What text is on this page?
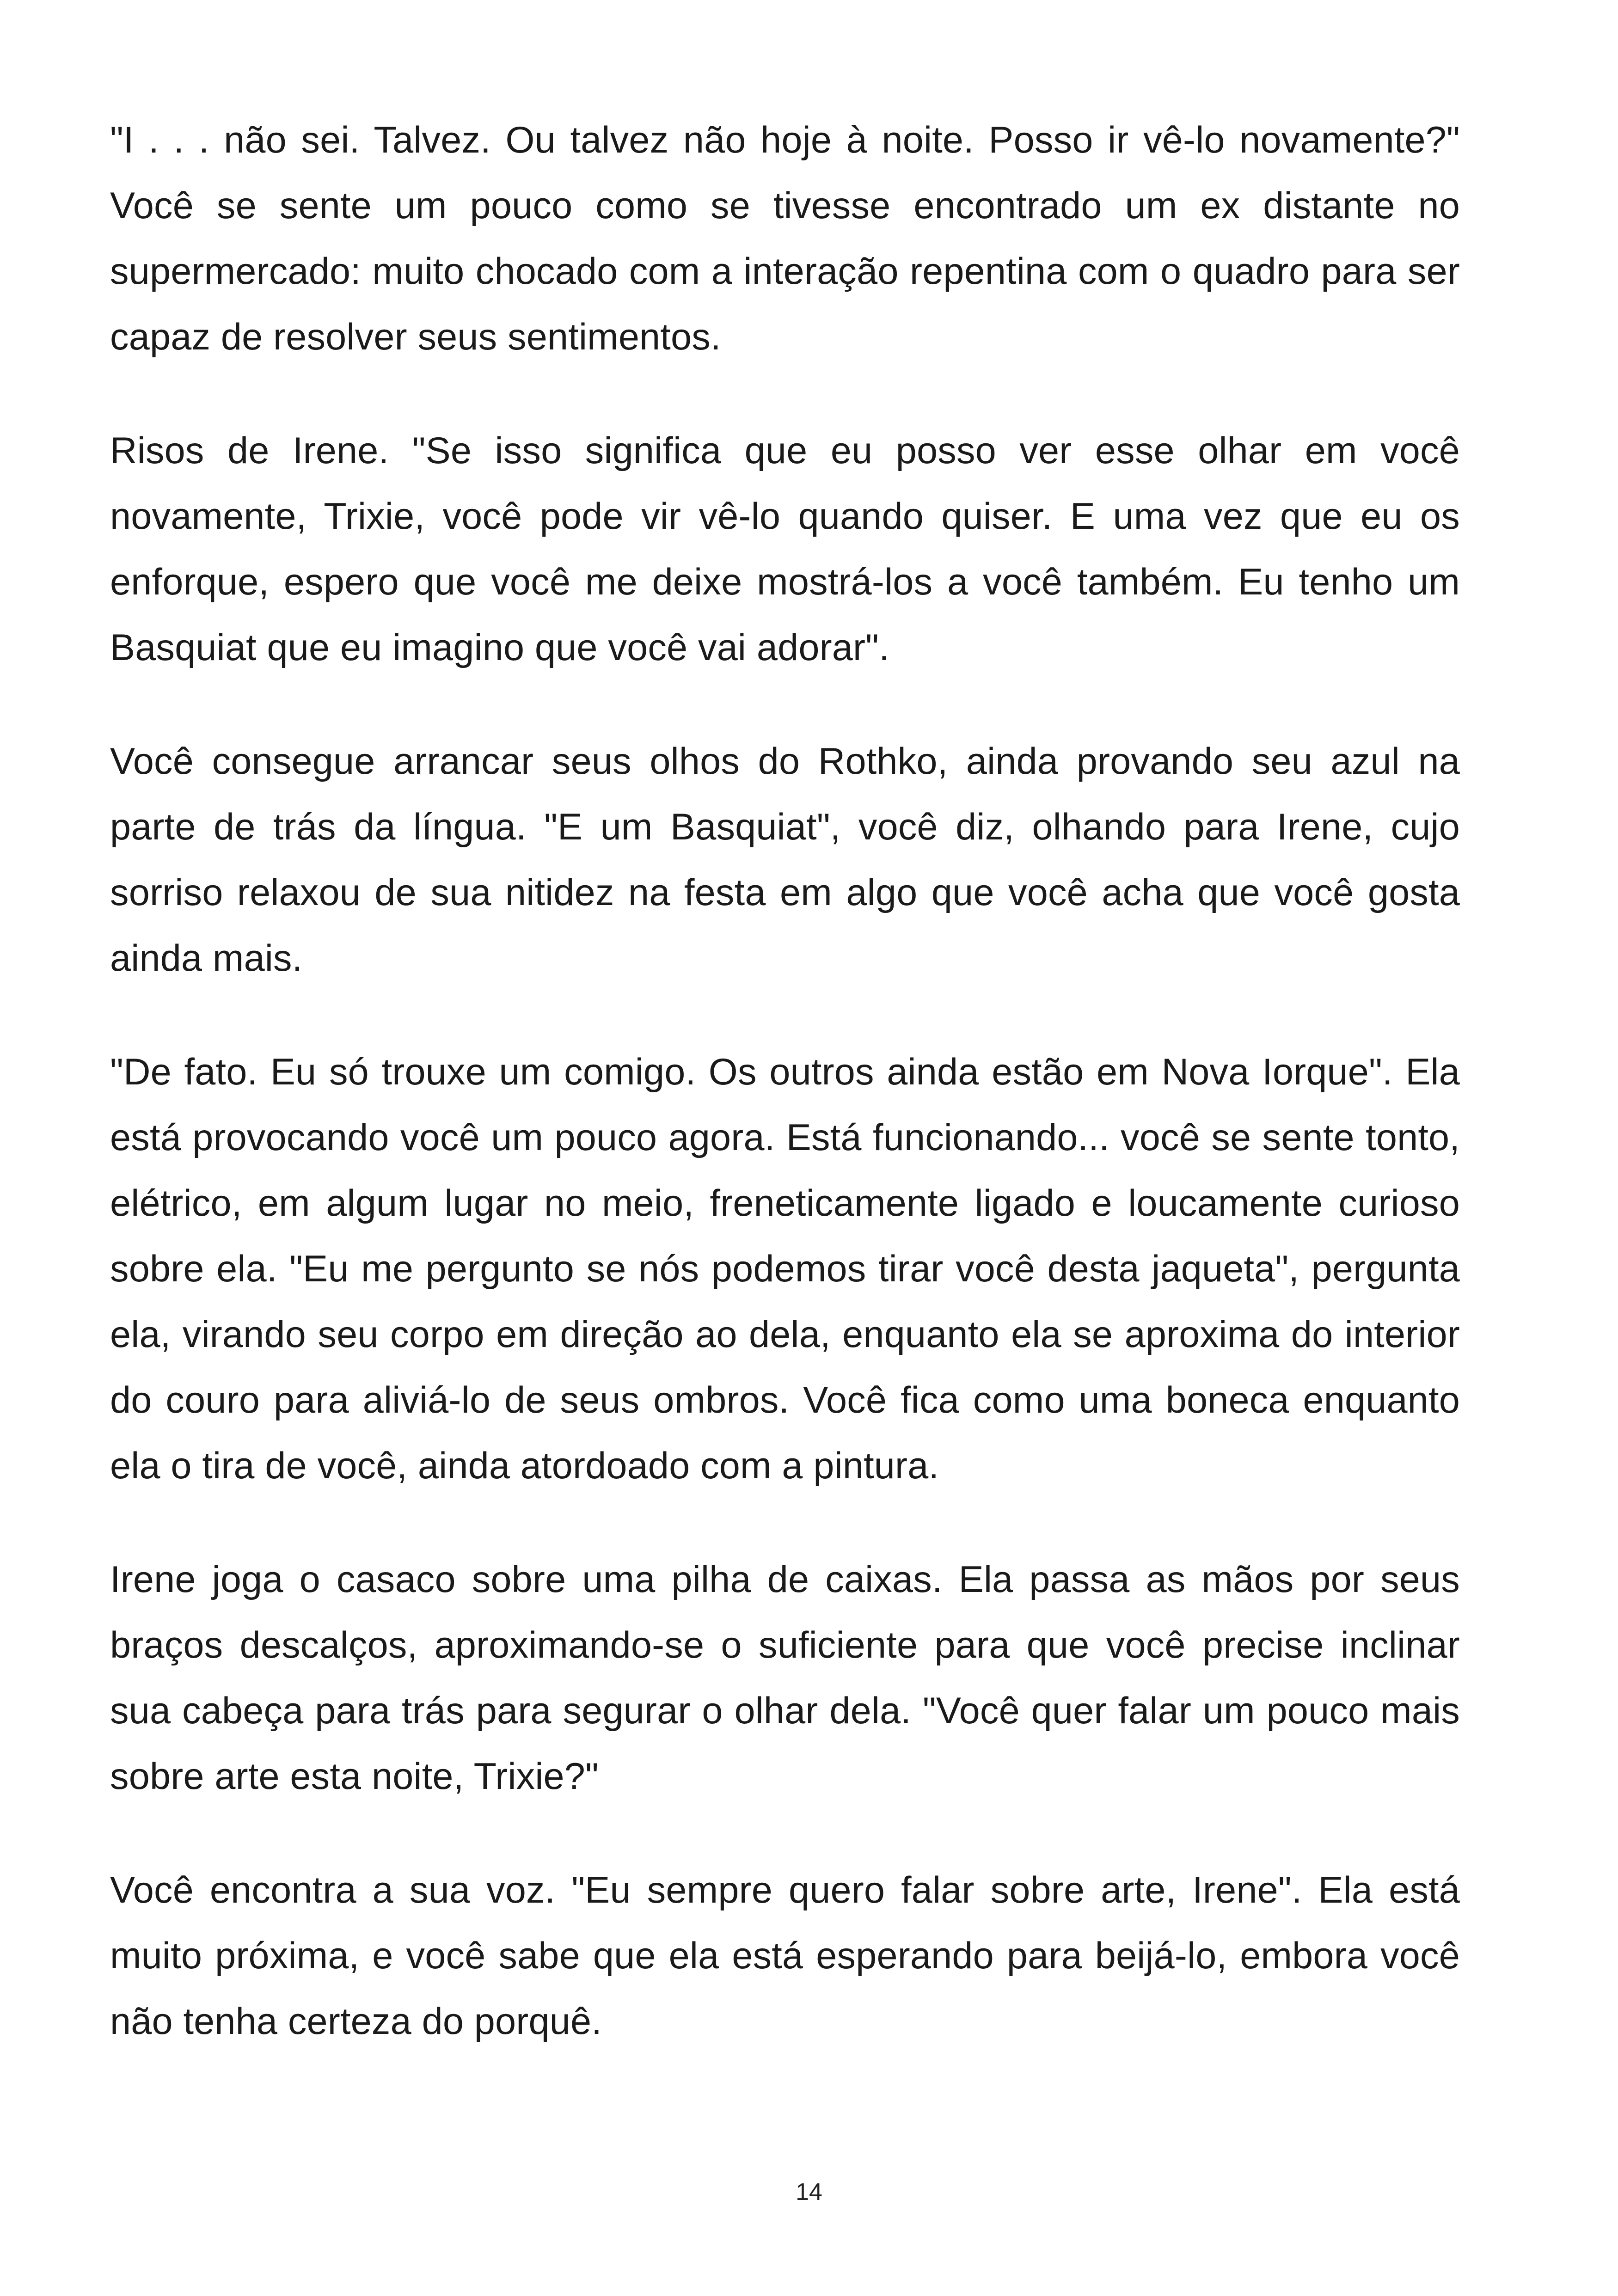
"I . . . não sei. Talvez. Ou talvez não hoje à noite. Posso ir vê-lo novamente?" Você se sente um pouco como se tivesse encontrado um ex distante no supermercado: muito chocado com a interação repentina com o quadro para ser capaz de resolver seus sentimentos.

Risos de Irene. "Se isso significa que eu posso ver esse olhar em você novamente, Trixie, você pode vir vê-lo quando quiser. E uma vez que eu os enforque, espero que você me deixe mostrá-los a você também. Eu tenho um Basquiat que eu imagino que você vai adorar".

Você consegue arrancar seus olhos do Rothko, ainda provando seu azul na parte de trás da língua. "E um Basquiat", você diz, olhando para Irene, cujo sorriso relaxou de sua nitidez na festa em algo que você acha que você gosta ainda mais.

"De fato. Eu só trouxe um comigo. Os outros ainda estão em Nova Iorque". Ela está provocando você um pouco agora. Está funcionando... você se sente tonto, elétrico, em algum lugar no meio, freneticamente ligado e loucamente curioso sobre ela. "Eu me pergunto se nós podemos tirar você desta jaqueta", pergunta ela, virando seu corpo em direção ao dela, enquanto ela se aproxima do interior do couro para aliviá-lo de seus ombros. Você fica como uma boneca enquanto ela o tira de você, ainda atordoado com a pintura.

Irene joga o casaco sobre uma pilha de caixas. Ela passa as mãos por seus braços descalços, aproximando-se o suficiente para que você precise inclinar sua cabeça para trás para segurar o olhar dela. "Você quer falar um pouco mais sobre arte esta noite, Trixie?"

Você encontra a sua voz. "Eu sempre quero falar sobre arte, Irene". Ela está muito próxima, e você sabe que ela está esperando para beijá-lo, embora você não tenha certeza do porquê.

14
